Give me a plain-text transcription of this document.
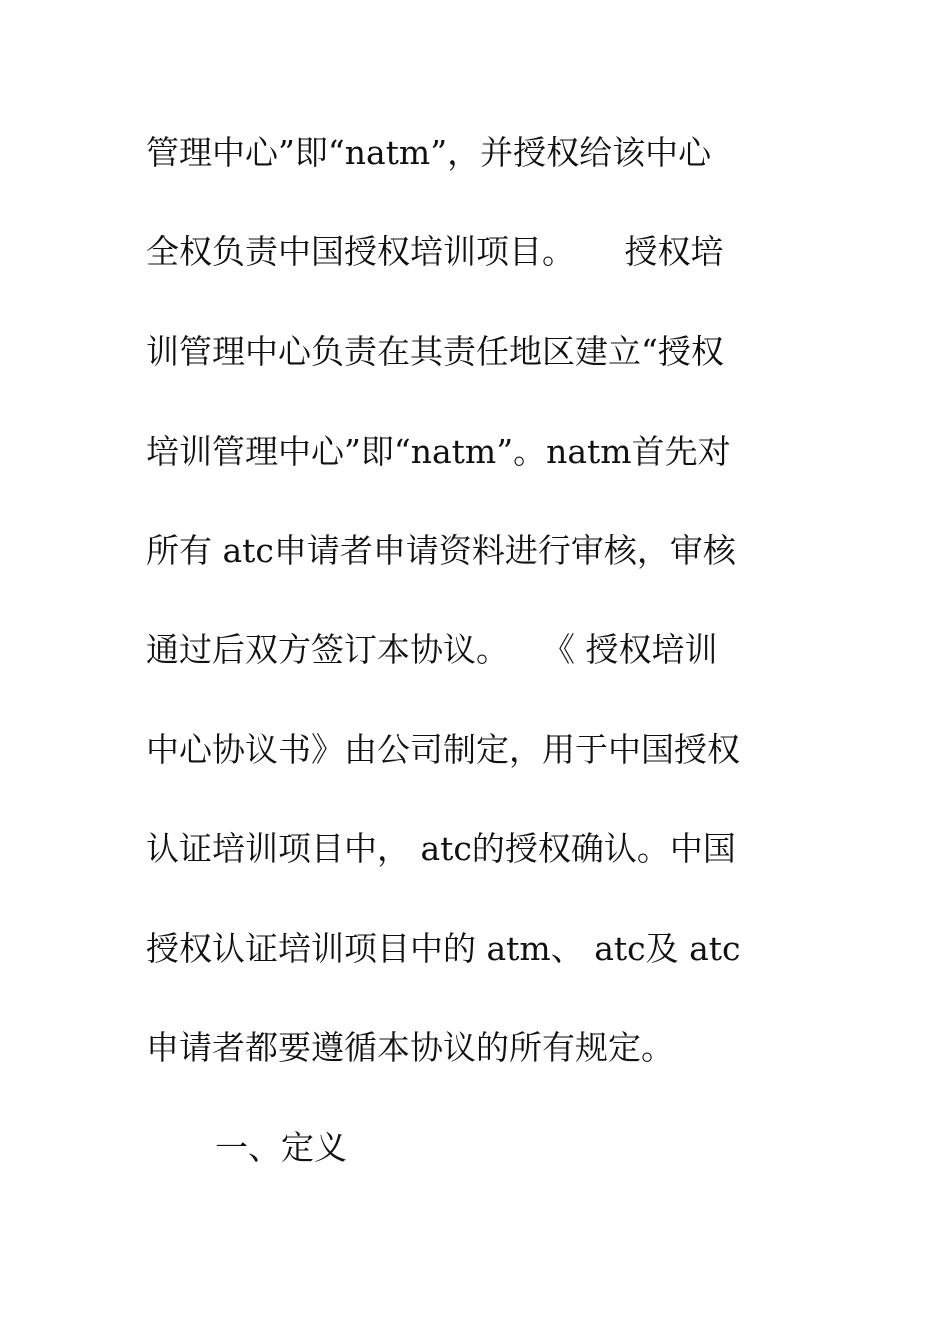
管理中心”即“natm”，并授权给该中心
全权负责中国授权培训项目。　　授权培
训管理中心负责在其责任地区建立“授权
培训管理中心”即“natm”。natm首先对
所有 atc申请者申请资料进行审核，审核
通过后双方签订本协议。　　《 授权培训
中心协议书》由公司制定，用于中国授权
认证培训项目中， atc的授权确认。中国
授权认证培训项目中的 atm、 atc及 atc
申请者都要遵循本协议的所有规定。
一、定义
